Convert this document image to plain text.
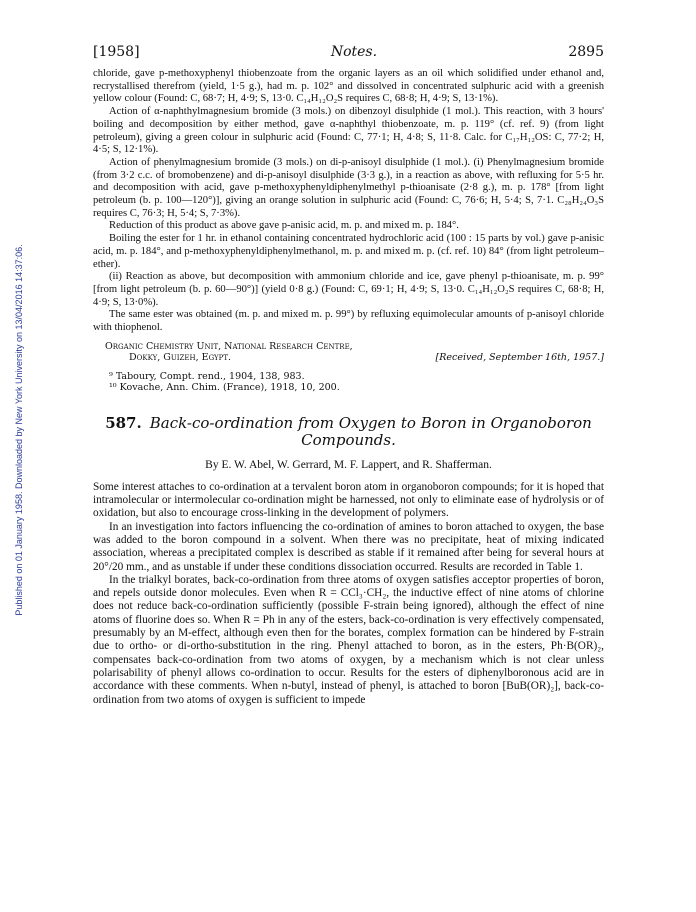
Published on 01 January 1958. Downloaded by New York University on 13/04/2016 14:37:06.
[1958]	Notes.	2895

chloride, gave p-methoxyphenyl thiobenzoate from the organic layers as an oil which solidified under ethanol and, recrystallised therefrom (yield, 1·5 g.), had m. p. 102° and dissolved in concentrated sulphuric acid with a greenish yellow colour (Found: C, 68·7; H, 4·9; S, 13·0. C₁₄H₁₂O₂S requires C, 68·8; H, 4·9; S, 13·1%).

Action of α-naphthylmagnesium bromide (3 mols.) on dibenzoyl disulphide (1 mol.). This reaction, with 3 hours' boiling and decomposition by either method, gave α-naphthyl thiobenzoate, m. p. 119° (cf. ref. 9) (from light petroleum), giving a green colour in sulphuric acid (Found: C, 77·1; H, 4·8; S, 11·8. Calc. for C₁₇H₁₂OS: C, 77·2; H, 4·5; S, 12·1%).

Action of phenylmagnesium bromide (3 mols.) on di-p-anisoyl disulphide (1 mol.). (i) Phenylmagnesium bromide (from 3·2 c.c. of bromobenzene) and di-p-anisoyl disulphide (3·3 g.), in a reaction as above, with refluxing for 5·5 hr. and decomposition with acid, gave p-methoxyphenyldiphenylmethyl p-thioanisate (2·8 g.), m. p. 178° [from light petroleum (b. p. 100—120°)], giving an orange solution in sulphuric acid (Found: C, 76·6; H, 5·4; S, 7·1. C₂₈H₂₄O₃S requires C, 76·3; H, 5·4; S, 7·3%).

Reduction of this product as above gave p-anisic acid, m. p. and mixed m. p. 184°.

Boiling the ester for 1 hr. in ethanol containing concentrated hydrochloric acid (100 : 15 parts by vol.) gave p-anisic acid, m. p. 184°, and p-methoxyphenyldiphenylmethanol, m. p. and mixed m. p. (cf. ref. 10) 84° (from light petroleum–ether).

(ii) Reaction as above, but decomposition with ammonium chloride and ice, gave phenyl p-thioanisate, m. p. 99° [from light petroleum (b. p. 60—90°)] (yield 0·8 g.) (Found: C, 69·1; H, 4·9; S, 13·0. C₁₄H₁₂O₂S requires C, 68·8; H, 4·9; S, 13·0%).

The same ester was obtained (m. p. and mixed m. p. 99°) by refluxing equimolecular amounts of p-anisoyl chloride with thiophenol.

Organic Chemistry Unit, National Research Centre,
Dokky, Guizeh, Egypt.	[Received, September 16th, 1957.]
⁹ Taboury, Compt. rend., 1904, 138, 983.
¹⁰ Kovache, Ann. Chim. (France), 1918, 10, 200.
587. Back-co-ordination from Oxygen to Boron in Organoboron Compounds.
By E. W. Abel, W. Gerrard, M. F. Lappert, and R. Shafferman.

Some interest attaches to co-ordination at a tervalent boron atom in organoboron compounds; for it is hoped that intramolecular or intermolecular co-ordination might be harnessed, not only to eliminate ease of hydrolysis or of oxidation, but also to encourage cross-linking in the development of polymers.

In an investigation into factors influencing the co-ordination of amines to boron attached to oxygen, the base was added to the boron compound in a solvent. When there was no precipitate, heat of mixing indicated association, whereas a precipitated complex is described as stable if it remained after being for several hours at 20°/20 mm., and as unstable if under these conditions dissociation occurred. Results are recorded in Table 1.

In the trialkyl borates, back-co-ordination from three atoms of oxygen satisfies acceptor properties of boron, and repels outside donor molecules. Even when R = CCl₃·CH₂, the inductive effect of nine atoms of chlorine does not reduce back-co-ordination sufficiently (possible F-strain being ignored), although the effect of nine atoms of fluorine does so. When R = Ph in any of the esters, back-co-ordination is very effectively compensated, presumably by an M-effect, although even then for the borates, complex formation can be hindered by F-strain due to ortho- or di-ortho-substitution in the ring. Phenyl attached to boron, as in the esters, Ph·B(OR)₂, compensates back-co-ordination from two atoms of oxygen, by a mechanism which is not clear unless polarisability of phenyl allows co-ordination to occur. Results for the esters of diphenylboronous acid are in accordance with these comments. When n-butyl, instead of phenyl, is attached to boron [BuB(OR)₂], back-co-ordination from two atoms of oxygen is sufficient to impede
